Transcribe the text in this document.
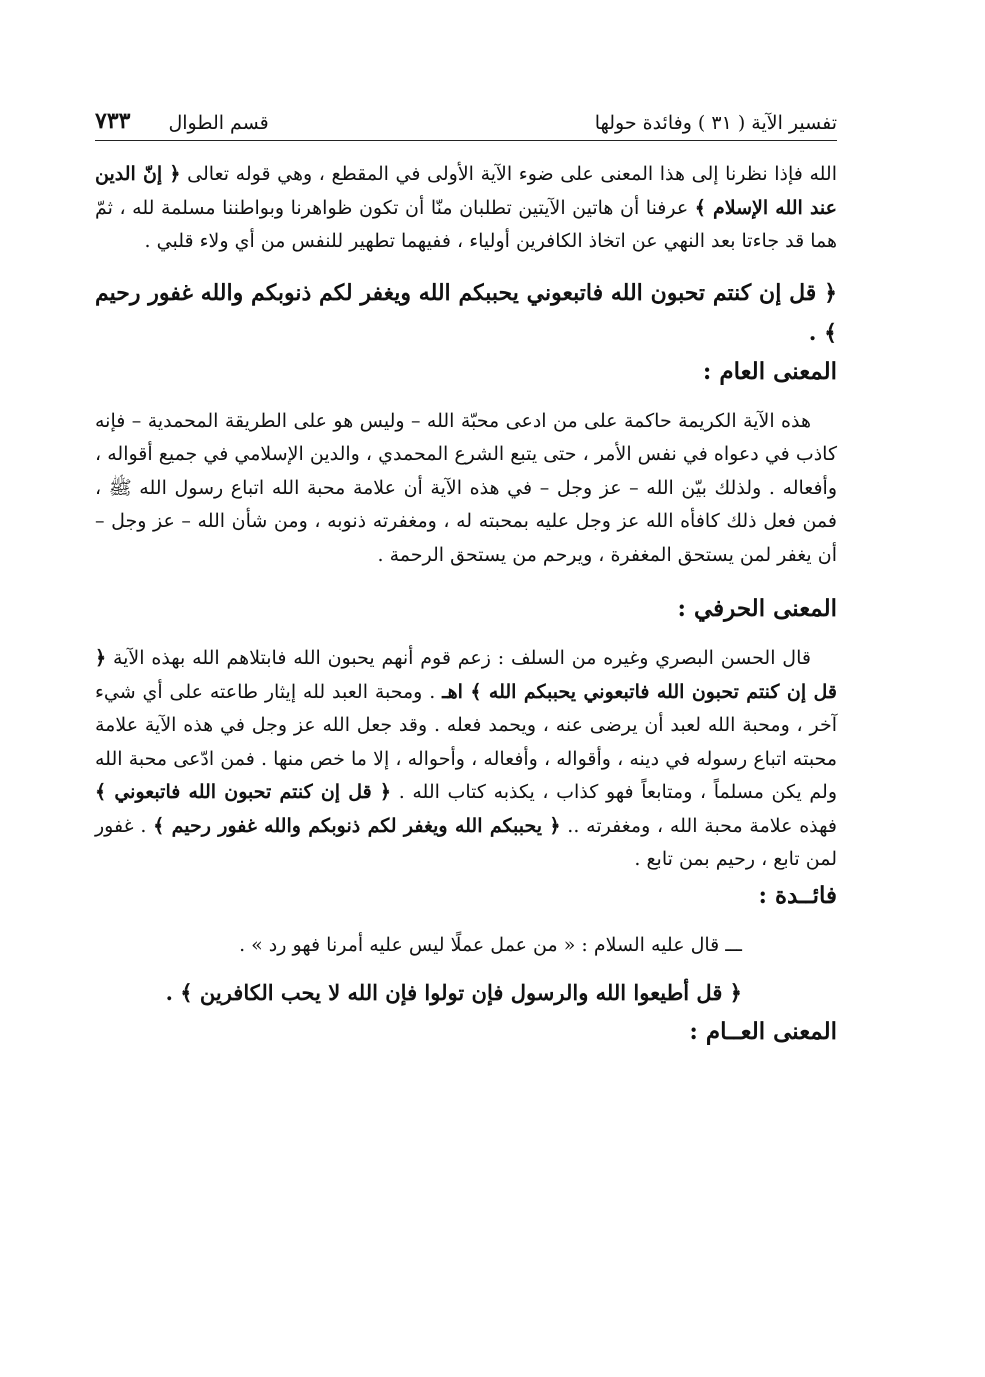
تفسير الآية ( ٣١ ) وفائدة حولها
قسم الطوال
٧٣٣

الله فإذا نظرنا إلى هذا المعنى على ضوء الآية الأولى في المقطع ، وهي قوله تعالى ﴿ إنّ الدين عند الله الإسلام ﴾ عرفنا أن هاتين الآيتين تطلبان منّا أن تكون ظواهرنا وبواطننا مسلمة لله ، ثمّ هما قد جاءتا بعد النهي عن اتخاذ الكافرين أولياء ، ففيهما تطهير للنفس من أي ولاء قلبي .

﴿ قل إن كنتم تحبون الله فاتبعوني يحببكم الله ويغفر لكم ذنوبكم والله غفور رحيم ﴾ .

المعنى العام :

هذه الآية الكريمة حاكمة على من ادعى محبّة الله – وليس هو على الطريقة المحمدية – فإنه كاذب في دعواه في نفس الأمر ، حتى يتبع الشرع المحمدي ، والدين الإسلامي في جميع أقواله ، وأفعاله . ولذلك بيّن الله – عز وجل – في هذه الآية أن علامة محبة الله اتباع رسول الله ﷺ ، فمن فعل ذلك كافأه الله عز وجل عليه بمحبته له ، ومغفرته ذنوبه ، ومن شأن الله – عز وجل – أن يغفر لمن يستحق المغفرة ، ويرحم من يستحق الرحمة .

المعنى الحرفي :

قال الحسن البصري وغيره من السلف : زعم قوم أنهم يحبون الله فابتلاهم الله بهذه الآية ﴿ قل إن كنتم تحبون الله فاتبعوني يحببكم الله ﴾ اهـ . ومحبة العبد لله إيثار طاعته على أي شيء آخر ، ومحبة الله لعبد أن يرضى عنه ، ويحمد فعله . وقد جعل الله عز وجل في هذه الآية علامة محبته اتباع رسوله في دينه ، وأقواله ، وأفعاله ، وأحواله ، إلا ما خص منها . فمن ادّعى محبة الله ولم يكن مسلماً ، ومتابعاً فهو كذاب ، يكذبه كتاب الله . ﴿ قل إن كنتم تحبون الله فاتبعوني ﴾ فهذه علامة محبة الله ، ومغفرته .. ﴿ يحببكم الله ويغفر لكم ذنوبكم والله غفور رحيم ﴾ . غفور لمن تابع ، رحيم بمن تابع .

فائــدة :

ـــ قال عليه السلام : « من عمل عملًا ليس عليه أمرنا فهو رد » .

﴿ قل أطيعوا الله والرسول فإن تولوا فإن الله لا يحب الكافرين ﴾ .

المعنى العــام :
